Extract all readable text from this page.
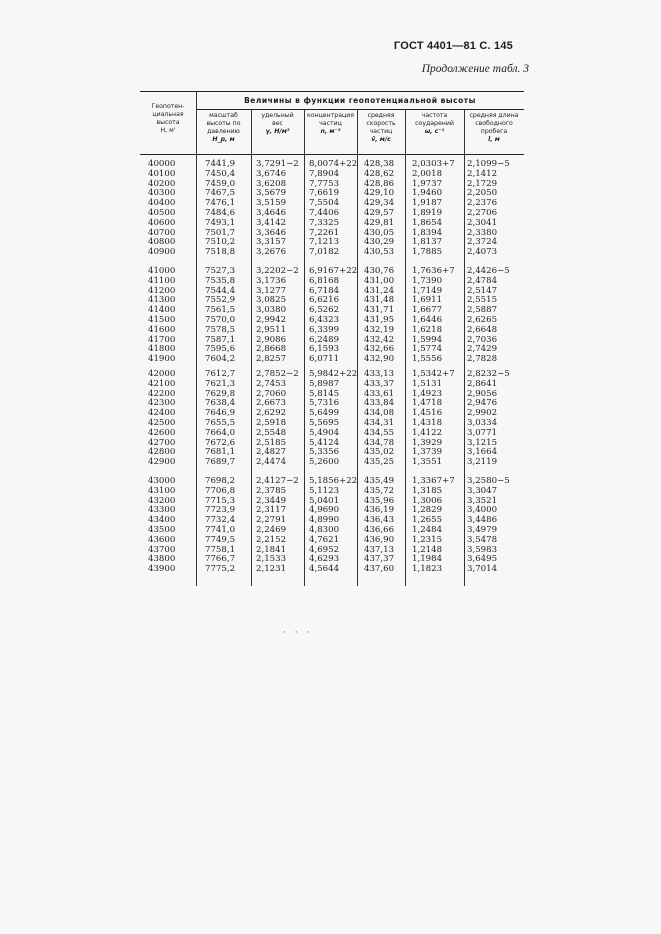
ГОСТ 4401—81 С. 145
Продолжение табл. 3
Величины в функции геопотенциальной высоты
Геопотен-
циальная
высота
H, м'
масштаб
высоты по
давлению
H_p, м
удельный
вес
γ, Н/м³
концентрация
частиц
n, м⁻³
средняя
скорость
частиц
v̄, м/с
частота
соударений
ω, с⁻¹
средняя длина
свободного
пробега
l, м
40000	7441,9 3,7291−2 8,0074+22 428,38 2,0303+7 2,1099−5
40100	7450,4 3,6746	7,8904	428,62 2,0018	2,1412
40200	7459,0 3,6208	7,7753	428,86 1,9737	2,1729
40300	7467,5 3,5679	7,6619	429,10 1,9460	2,2050
40400	7476,1 3,5159	7,5504	429,34 1,9187	2,2376
40500	7484,6 3,4646	7,4406	429,57 1,8919	2,2706
40600	7493,1 3,4142	7,3325	429,81 1,8654	2,3041
40700	7501,7 3,3646	7,2261	430,05 1,8394	2,3380
40800	7510,2 3,3157	7,1213	430,29 1,8137	2,3724
40900	7518,8 3,2676	7,0182	430,53 1,7885	2,4073
41000	7527,3 3,2202−2 6,9167+22 430,76 1,7636+7 2,4426−5
41100	7535,8 3,1736	6,8168	431,00 1,7390	2,4784
41200	7544,4 3,1277	6,7184	431,24 1,7149	2,5147
41300	7552,9 3,0825	6,6216	431,48 1,6911	2,5515
41400	7561,5 3,0380	6,5262	431,71 1,6677	2,5887
41500	7570,0 2,9942	6,4323	431,95 1,6446	2,6265
41600	7578,5 2,9511	6,3399	432,19 1,6218	2,6648
41700	7587,1 2,9086	6,2489	432,42 1,5994	2,7036
41800	7595,6 2,8668	6,1593	432,66 1,5774	2,7429
41900	7604,2 2,8257	6,0711	432,90 1,5556	2,7828
42000	7612,7 2,7852−2 5,9842+22 433,13 1,5342+7 2,8232−5
42100	7621,3 2,7453	5,8987	433,37 1,5131	2,8641
42200	7629,8 2,7060	5,8145	433,61 1,4923	2,9056
42300	7638,4 2,6673	5,7316	433,84 1,4718	2,9476
42400	7646,9 2,6292	5,6499	434,08 1,4516	2,9902
42500	7655,5 2,5918	5,5695	434,31 1,4318	3,0334
42600	7664,0 2,5548	5,4904	434,55 1,4122	3,0771
42700	7672,6 2,5185	5,4124	434,78 1,3929	3,1215
42800	7681,1 2,4827	5,3356	435,02 1,3739	3,1664
42900	7689,7 2,4474	5,2600	435,25 1,3551	3,2119
43000	7698,2 2,4127−2 5,1856+22 435,49 1,3367+7 3,2580−5
43100	7706,8 2,3785	5,1123	435,72 1,3185	3,3047
43200	7715,3 2,3449	5,0401	435,96 1,3006	3,3521
43300	7723,9 2,3117	4,9690	436,19 1,2829	3,4000
43400	7732,4 2,2791	4,8990	436,43 1,2655	3,4486
43500	7741,0 2,2469	4,8300	436,66 1,2484	3,4979
43600	7749,5 2,2152	4,7621	436,90 1,2315	3,5478
43700	7758,1 2,1841	4,6952	437,13 1,2148	3,5983
43800	7766,7 2,1533	4,6293	437,37 1,1984	3,6495
43900	7775,2 2,1231	4,5644	437,60 1,1823	3,7014
· · ·
